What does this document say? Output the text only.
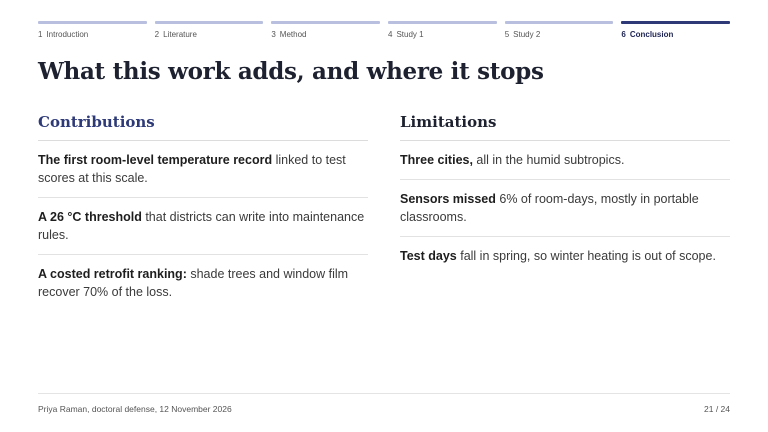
1 Introduction	2 Literature	3 Method	4 Study 1	5 Study 2	6 Conclusion
What this work adds, and where it stops
Contributions
The first room-level temperature record linked to test scores at this scale.
A 26 °C threshold that districts can write into maintenance rules.
A costed retrofit ranking: shade trees and window film recover 70% of the loss.
Limitations
Three cities, all in the humid subtropics.
Sensors missed 6% of room-days, mostly in portable classrooms.
Test days fall in spring, so winter heating is out of scope.
Priya Raman, doctoral defense, 12 November 2026	21 / 24
